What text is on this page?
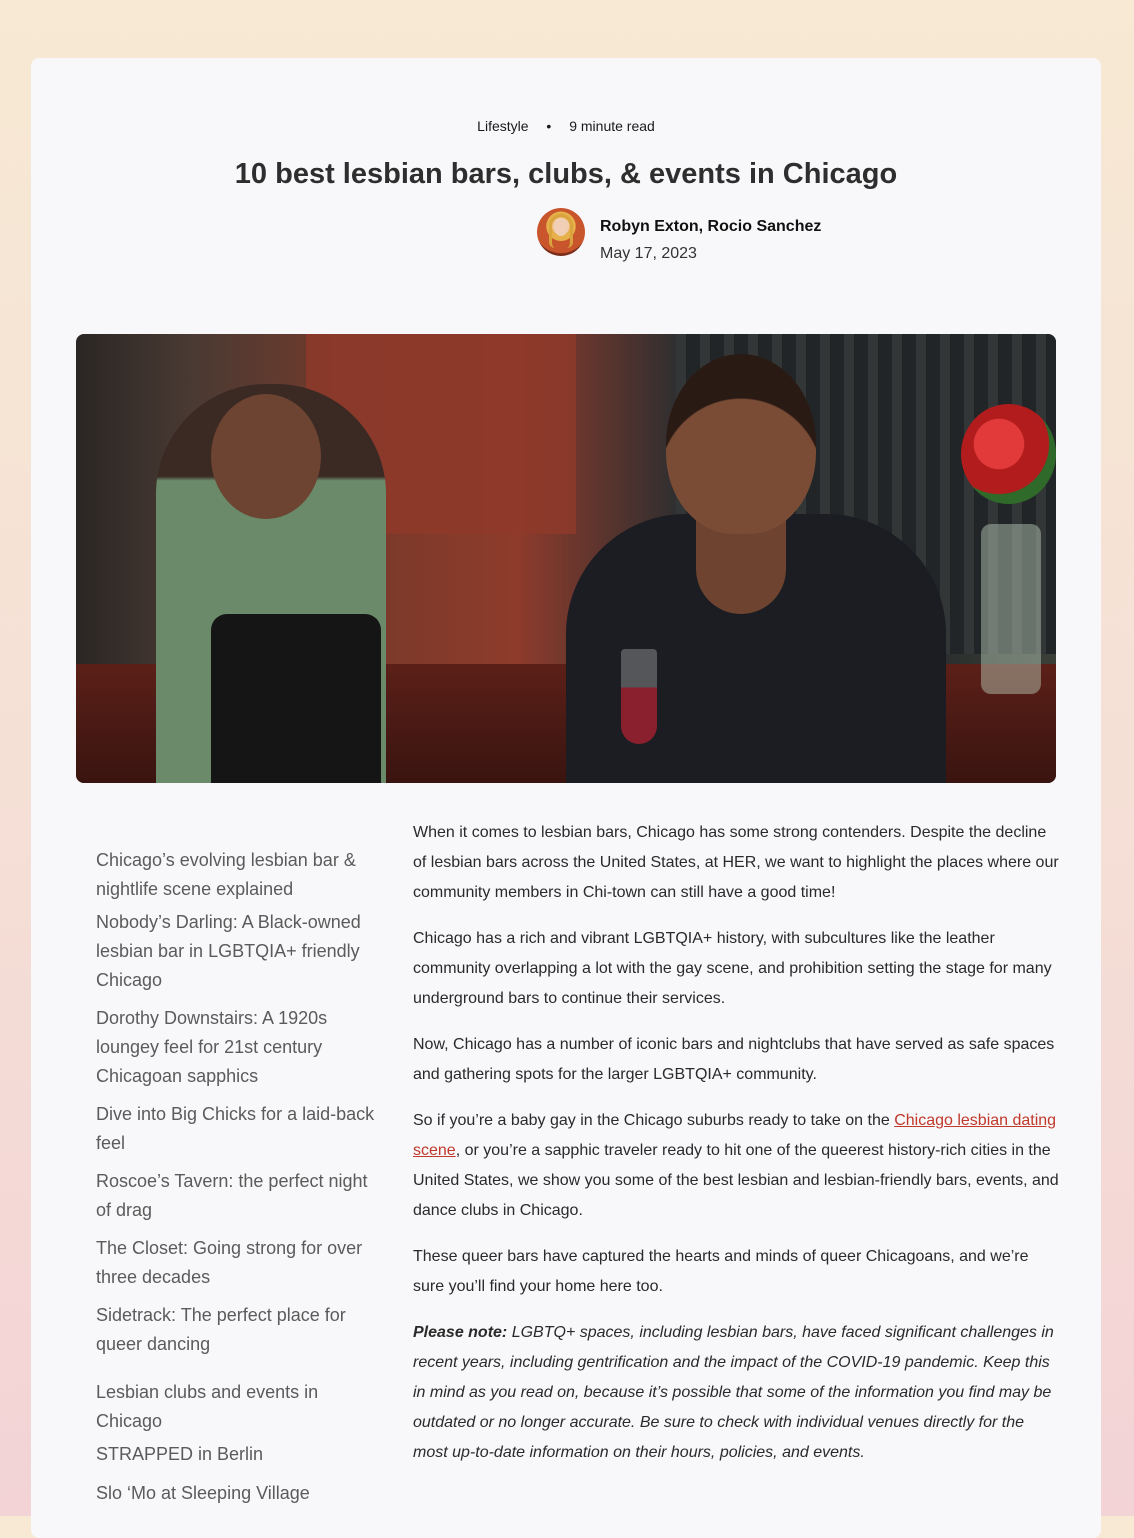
Lifestyle • 9 minute read
10 best lesbian bars, clubs, & events in Chicago
Robyn Exton, Rocio Sanchez
May 17, 2023
Chicago’s evolving lesbian bar & nightlife scene explained
Nobody’s Darling: A Black-owned lesbian bar in LGBTQIA+ friendly Chicago
Dorothy Downstairs: A 1920s loungey feel for 21st century Chicagoan sapphics
Dive into Big Chicks for a laid-back feel
Roscoe’s Tavern: the perfect night of drag
The Closet: Going strong for over three decades
Sidetrack: The perfect place for queer dancing
Lesbian clubs and events in Chicago
STRAPPED in Berlin
Slo ‘Mo at Sleeping Village

When it comes to lesbian bars, Chicago has some strong contenders. Despite the decline of lesbian bars across the United States, at HER, we want to highlight the places where our community members in Chi-town can still have a good time!

Chicago has a rich and vibrant LGBTQIA+ history, with subcultures like the leather community overlapping a lot with the gay scene, and prohibition setting the stage for many underground bars to continue their services.

Now, Chicago has a number of iconic bars and nightclubs that have served as safe spaces and gathering spots for the larger LGBTQIA+ community.

So if you’re a baby gay in the Chicago suburbs ready to take on the Chicago lesbian dating scene, or you’re a sapphic traveler ready to hit one of the queerest history-rich cities in the United States, we show you some of the best lesbian and lesbian-friendly bars, events, and dance clubs in Chicago.

These queer bars have captured the hearts and minds of queer Chicagoans, and we’re sure you’ll find your home here too.

Please note: LGBTQ+ spaces, including lesbian bars, have faced significant challenges in recent years, including gentrification and the impact of the COVID-19 pandemic. Keep this in mind as you read on, because it’s possible that some of the information you find may be outdated or no longer accurate. Be sure to check with individual venues directly for the most up-to-date information on their hours, policies, and events.
